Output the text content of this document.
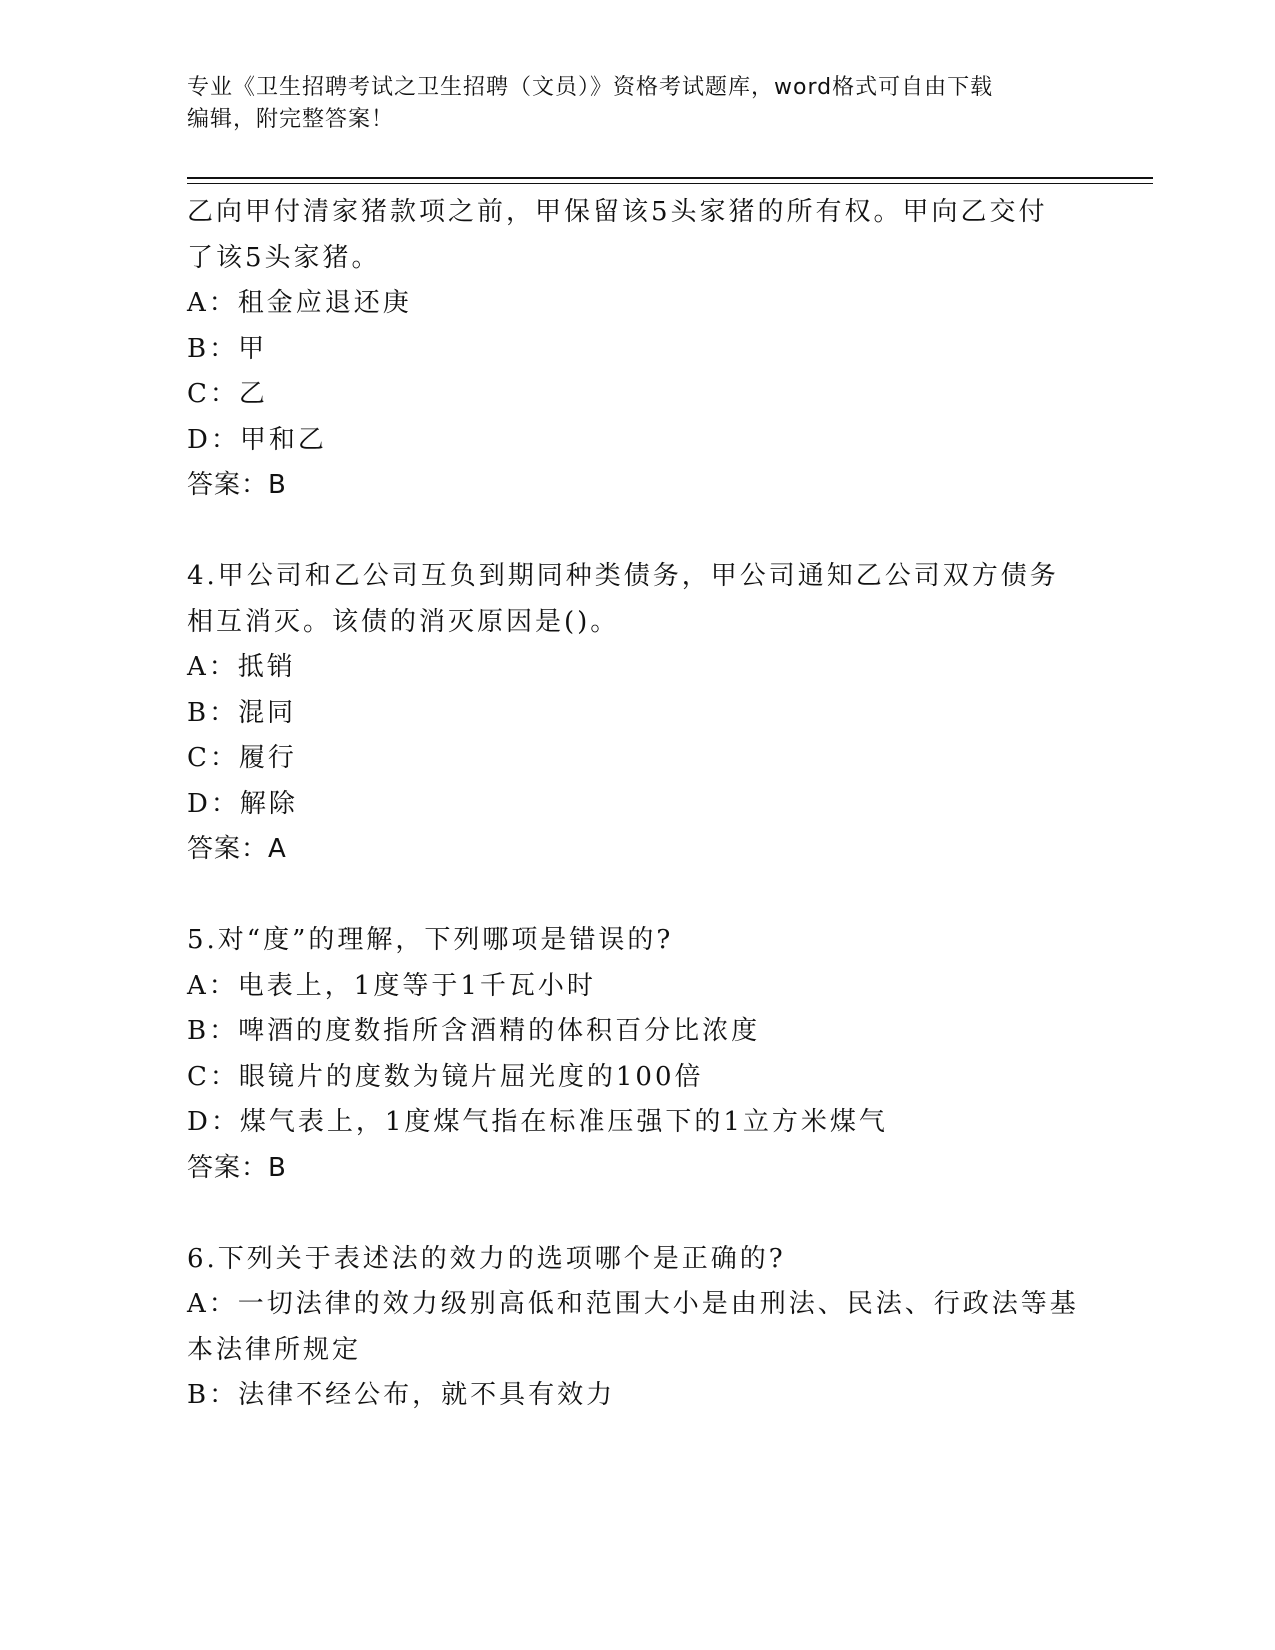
专业《卫生招聘考试之卫生招聘（文员）》资格考试题库，word格式可自由下载
编辑，附完整答案！
乙向甲付清家猪款项之前，甲保留该5头家猪的所有权。甲向乙交付
了该5头家猪。
A：租金应退还庚
B：甲
C：乙
D：甲和乙
答案：B
4.甲公司和乙公司互负到期同种类债务，甲公司通知乙公司双方债务
相互消灭。该债的消灭原因是()。
A：抵销
B：混同
C：履行
D：解除
答案：A
5.对“度”的理解，下列哪项是错误的?
A：电表上，1度等于1千瓦小时
B：啤酒的度数指所含酒精的体积百分比浓度
C：眼镜片的度数为镜片屈光度的100倍
D：煤气表上，1度煤气指在标准压强下的1立方米煤气
答案：B
6.下列关于表述法的效力的选项哪个是正确的?
A：一切法律的效力级别高低和范围大小是由刑法、民法、行政法等基
本法律所规定
B：法律不经公布，就不具有效力
